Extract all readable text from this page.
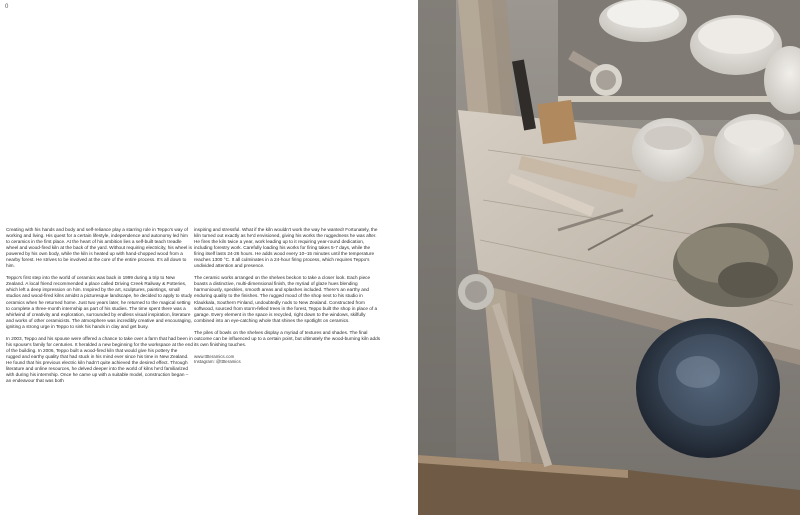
0

Creating with his hands and body and self-reliance play a starring role in Teppo's way of working and living. His quest for a certain lifestyle, independence and autonomy led him to ceramics in the first place. At the heart of his ambition lies a self-built teach treadle wheel and wood-fired kiln at the back of the yard. Without requiring electricity, his wheel is powered by his own body, while the kiln is heated up with hand-chopped wood from a nearby forest. He strives to be involved at the core of the entire process. It's all down to him.

Teppo's first step into the world of ceramics was back in 1999 during a trip to New Zealand. A local friend recommended a place called Driving Creek Railway & Potteries, which left a deep impression on him. Inspired by the art, sculptures, paintings, small studios and wood-fired kilns amidst a picturesque landscape, he decided to apply to study ceramics when he returned home. Just two years later, he returned to the magical setting to complete a three-month internship as part of his studies. The time spent there was a whirlwind of creativity and exploration, surrounded by endless visual inspiration, literature and works of other ceramicists. The atmosphere was incredibly creative and encouraging, igniting a strong urge in Teppo to sink his hands in clay and get busy.

In 2003, Teppo and his spouse were offered a chance to take over a farm that had been in his spouse's family for centuries. It heralded a new beginning for the workspace at the end of the building. In 2006, Teppo built a wood-fired kiln that would give his pottery the rugged and earthy quality that had stuck in his mind ever since his time in New Zealand. He found that his previous electric kiln hadn't quite achieved the desired effect. Through literature and online resources, he delved deeper into the world of kilns he'd familiarized with during his internship. Once he came up with a suitable model, construction began – an endeavour that was both

inspiring and stressful. What if the kiln wouldn't work the way he wanted! Fortunately, the kiln turned out exactly as he'd envisioned, giving his works the ruggedness he was after. He fires the kiln twice a year, work leading up to it requiring year-round dedication, including forestry work. Carefully loading his works for firing takes 5-7 days, while the firing itself lasts 24-26 hours. He adds wood every 10–15 minutes until the temperature reaches 1300 °C. It all culminates in a 24-hour firing process, which requires Teppo's undivided attention and presence.

The ceramic works arranged on the shelves beckon to take a closer look. Each piece boasts a distinctive, multi-dimensional finish, the myriad of glaze hues blending harmoniously, speckles, smooth areas and splashes included. There's an earthy and enduring quality to the finishes. The rugged mood of the shop next to his studio in Klaukkala, Southern Finland, undoubtedly nods to New Zealand. Constructed from softwood, sourced from storm-felled trees in the forest, Teppo built the shop in place of a garage. Every element in the space is recycled, right down to the windows, skilfully combined into an eye-catching whole that shines the spotlight on ceramics.

The piles of bowls on the shelves display a myriad of textures and shades. The final outcome can be influenced up to a certain point, but ultimately the wood-burning kiln adds its own finishing touches.

www.tttteramics.com
Instagram: @tttteramics
